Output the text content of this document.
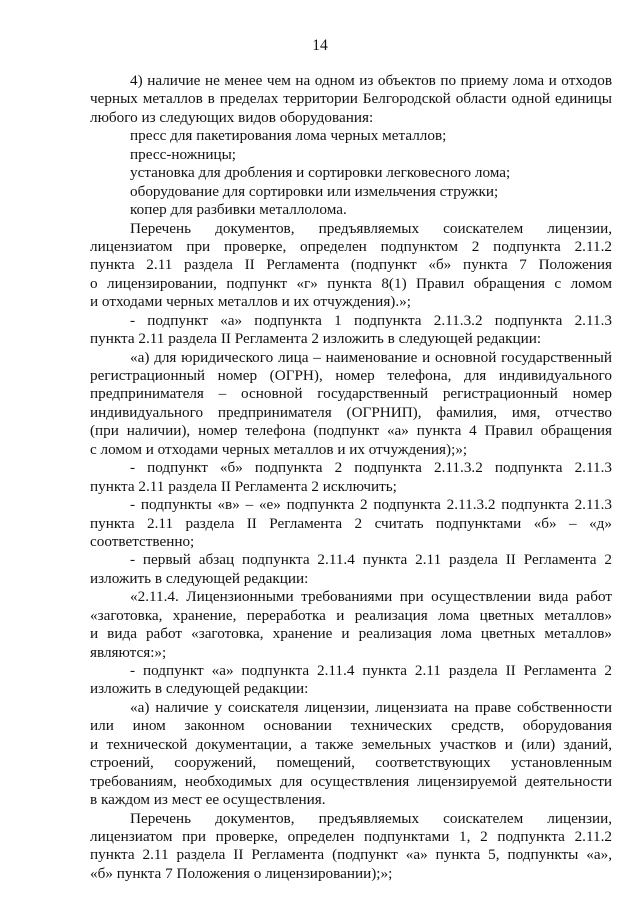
14
4) наличие не менее чем на одном из объектов по приему лома и отходов
черных металлов в пределах территории Белгородской области одной единицы
любого из следующих видов оборудования:
пресс для пакетирования лома черных металлов;
пресс-ножницы;
установка для дробления и сортировки легковесного лома;
оборудование для сортировки или измельчения стружки;
копер для разбивки металлолома.
Перечень документов, предъявляемых соискателем лицензии,
лицензиатом при проверке, определен подпунктом 2 подпункта 2.11.2
пункта 2.11 раздела II Регламента (подпункт «б» пункта 7 Положения
о лицензировании, подпункт «г» пункта 8(1) Правил обращения с ломом
и отходами черных металлов и их отчуждения).»;
- подпункт «а» подпункта 1 подпункта 2.11.3.2 подпункта 2.11.3
пункта 2.11 раздела II Регламента 2 изложить в следующей редакции:
«а) для юридического лица – наименование и основной государственный
регистрационный номер (ОГРН), номер телефона, для индивидуального
предпринимателя – основной государственный регистрационный номер
индивидуального предпринимателя (ОГРНИП), фамилия, имя, отчество
(при наличии), номер телефона (подпункт «а» пункта 4 Правил обращения
с ломом и отходами черных металлов и их отчуждения);»;
- подпункт «б» подпункта 2 подпункта 2.11.3.2 подпункта 2.11.3
пункта 2.11 раздела II Регламента 2 исключить;
- подпункты «в» – «е» подпункта 2 подпункта 2.11.3.2 подпункта 2.11.3
пункта 2.11 раздела II Регламента 2 считать подпунктами «б» – «д»
соответственно;
- первый абзац подпункта 2.11.4 пункта 2.11 раздела II Регламента 2
изложить в следующей редакции:
«2.11.4. Лицензионными требованиями при осуществлении вида работ
«заготовка, хранение, переработка и реализация лома цветных металлов»
и вида работ «заготовка, хранение и реализация лома цветных металлов»
являются:»;
- подпункт «а» подпункта 2.11.4 пункта 2.11 раздела II Регламента 2
изложить в следующей редакции:
«а) наличие у соискателя лицензии, лицензиата на праве собственности
или ином законном основании технических средств, оборудования
и технической документации, а также земельных участков и (или) зданий,
строений, сооружений, помещений, соответствующих установленным
требованиям, необходимых для осуществления лицензируемой деятельности
в каждом из мест ее осуществления.
Перечень документов, предъявляемых соискателем лицензии,
лицензиатом при проверке, определен подпунктами 1, 2 подпункта 2.11.2
пункта 2.11 раздела II Регламента (подпункт «а» пункта 5, подпункты «а»,
«б» пункта 7 Положения о лицензировании);»;
